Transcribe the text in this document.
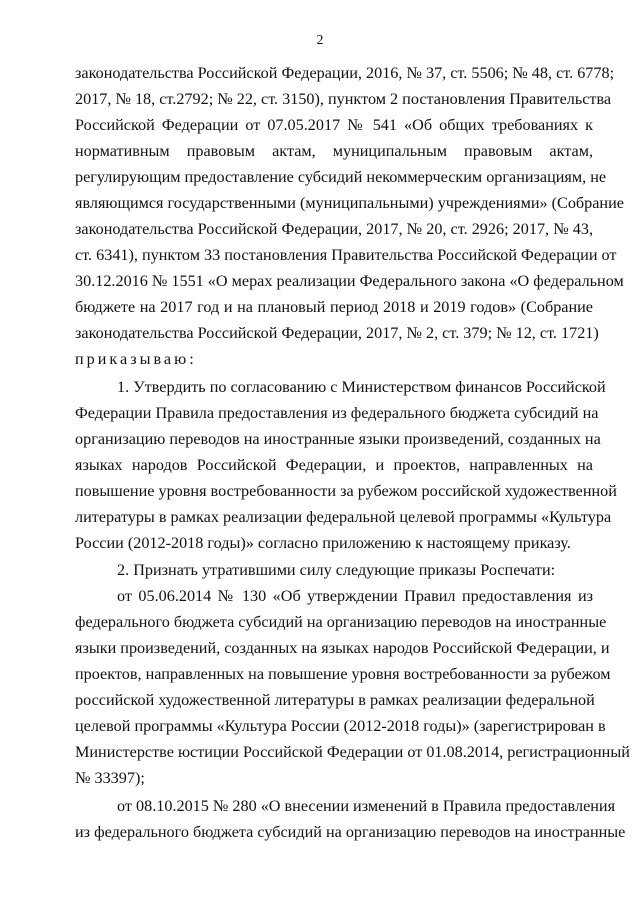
2
законодательства Российской Федерации, 2016, № 37, ст. 5506; № 48, ст. 6778;
2017, № 18, ст.2792; № 22, ст. 3150), пунктом 2 постановления Правительства
Российской Федерации от 07.05.2017 № 541 «Об общих требованиях к
нормативным правовым актам, муниципальным правовым актам,
регулирующим предоставление субсидий некоммерческим организациям, не
являющимся государственными (муниципальными) учреждениями» (Собрание
законодательства Российской Федерации, 2017, № 20, ст. 2926; 2017, № 43,
ст. 6341), пунктом 33 постановления Правительства Российской Федерации от
30.12.2016 № 1551 «О мерах реализации Федерального закона «О федеральном
бюджете на 2017 год и на плановый период 2018 и 2019 годов» (Собрание
законодательства Российской Федерации, 2017, № 2, ст. 379; № 12, ст. 1721)
приказываю:
1. Утвердить по согласованию с Министерством финансов Российской
Федерации Правила предоставления из федерального бюджета субсидий на
организацию переводов на иностранные языки произведений, созданных на
языках народов Российской Федерации, и проектов, направленных на
повышение уровня востребованности за рубежом российской художественной
литературы в рамках реализации федеральной целевой программы «Культура
России (2012-2018 годы)» согласно приложению к настоящему приказу.
2. Признать утратившими силу следующие приказы Роспечати:
от 05.06.2014 № 130 «Об утверждении Правил предоставления из
федерального бюджета субсидий на организацию переводов на иностранные
языки произведений, созданных на языках народов Российской Федерации, и
проектов, направленных на повышение уровня востребованности за рубежом
российской художественной литературы в рамках реализации федеральной
целевой программы «Культура России (2012-2018 годы)» (зарегистрирован в
Министерстве юстиции Российской Федерации от 01.08.2014, регистрационный
№ 33397);
от 08.10.2015 № 280 «О внесении изменений в Правила предоставления
из федерального бюджета субсидий на организацию переводов на иностранные
